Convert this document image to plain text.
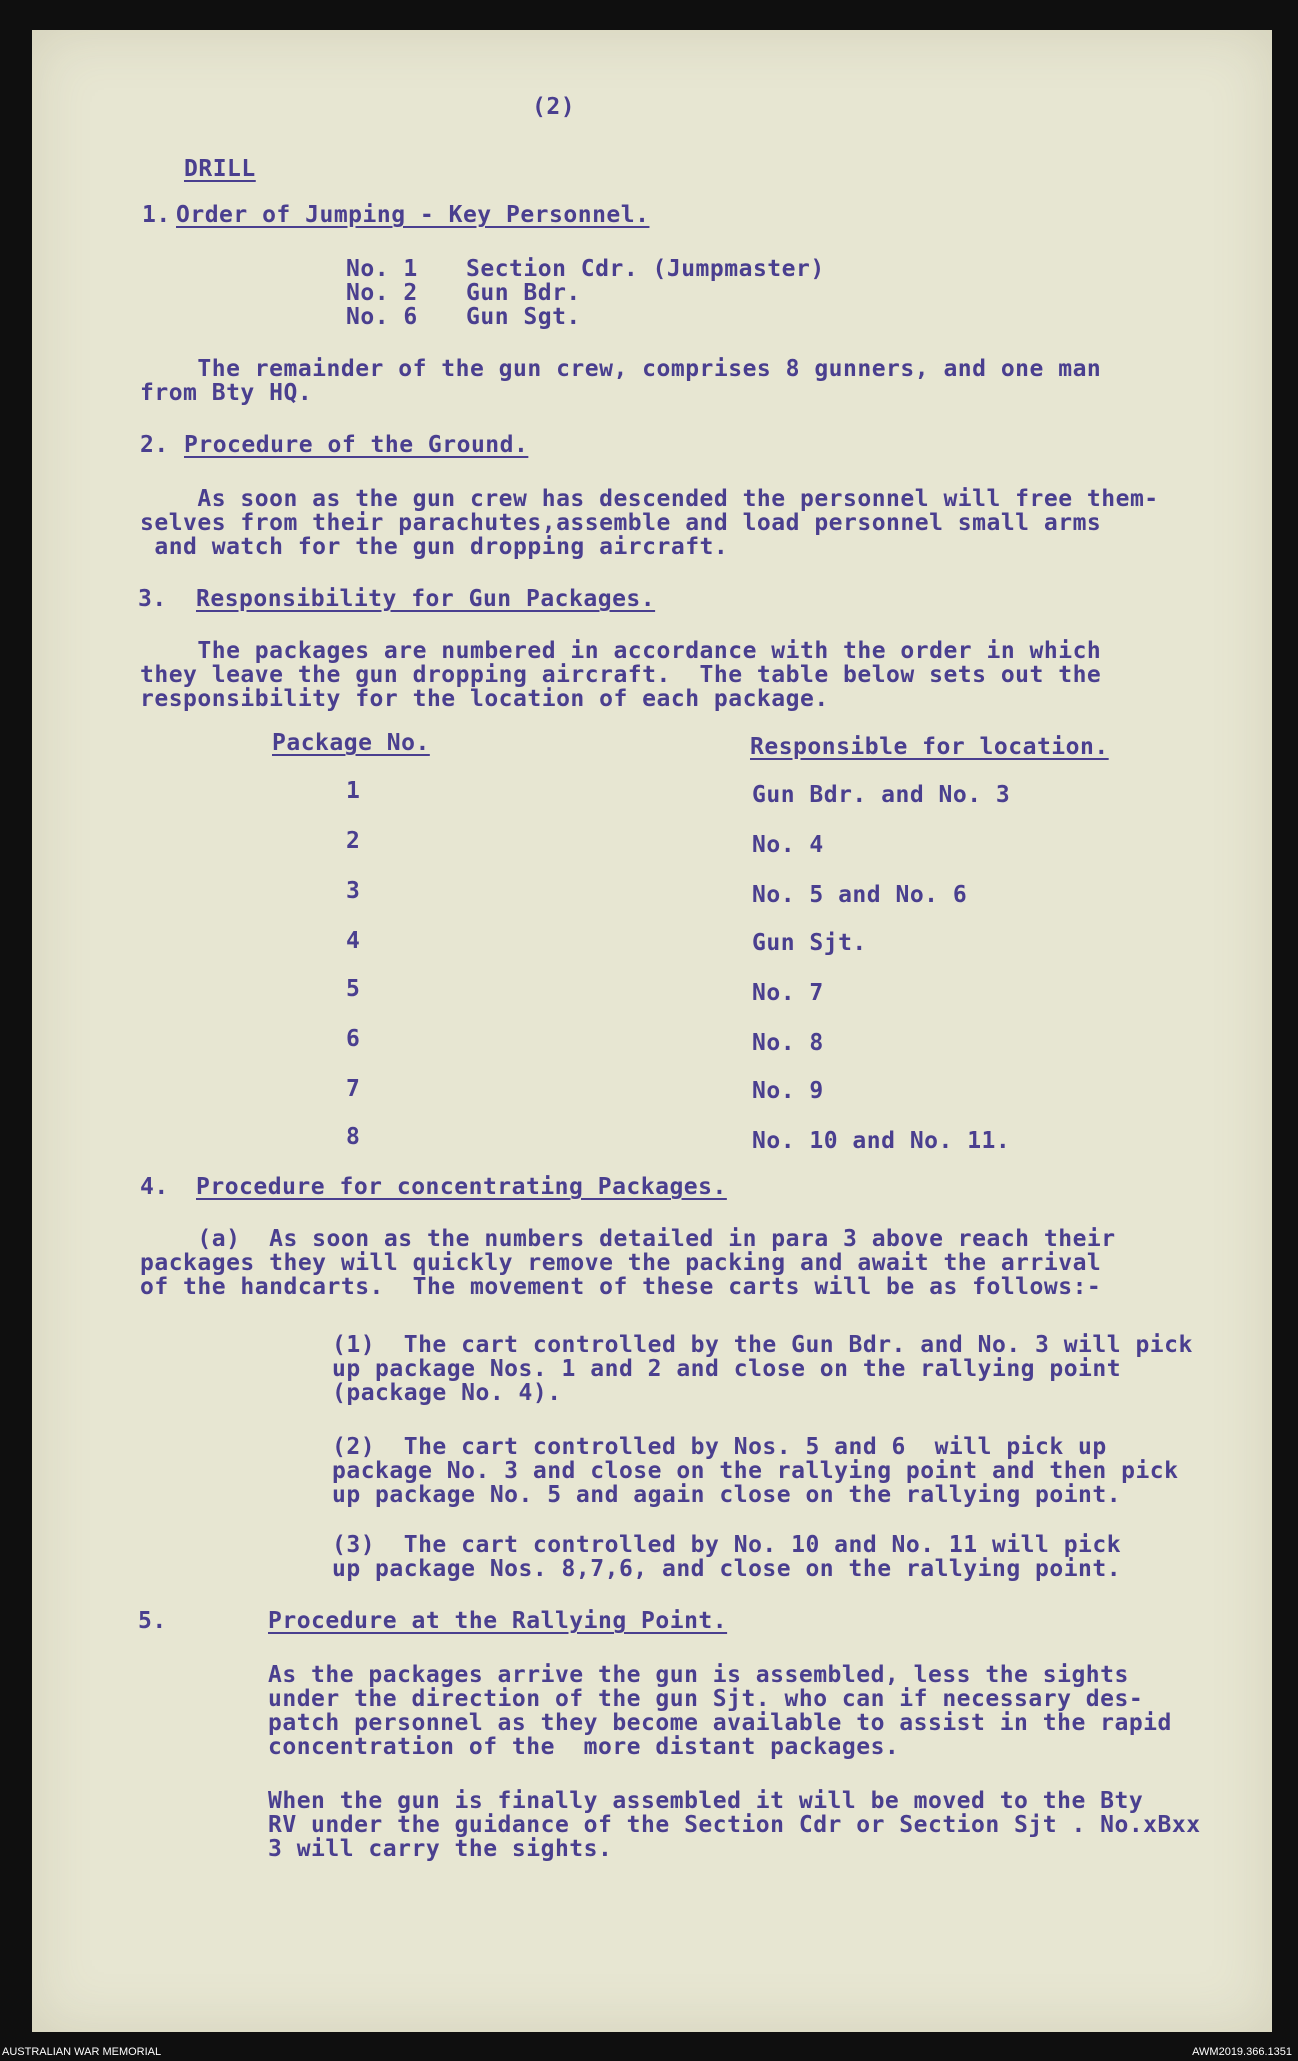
(2)
DRILL
1. Order of Jumping - Key Personnel.
No. 1 Section Cdr. (Jumpmaster)
No. 2 Gun Bdr.
No. 6 Gun Sgt.
The remainder of the gun crew, comprises 8 gunners, and one man
from Bty HQ.
2. Procedure of the Ground.
As soon as the gun crew has descended the personnel will free them-
selves from their parachutes,assemble and load personnel small arms
and watch for the gun dropping aircraft.
3. Responsibility for Gun Packages.
The packages are numbered in accordance with the order in which
they leave the gun dropping aircraft.  The table below sets out the
responsibility for the location of each package.
Package No.	Responsible for location.
1	Gun Bdr. and No. 3
2	No. 4
3	No. 5 and No. 6
4	Gun Sjt.
5	No. 7
6	No. 8
7	No. 9
8	No. 10 and No. 11.
4. Procedure for concentrating Packages.
(a)  As soon as the numbers detailed in para 3 above reach their
packages they will quickly remove the packing and await the arrival
of the handcarts.  The movement of these carts will be as follows:-
(1)  The cart controlled by the Gun Bdr. and No. 3 will pick
up package Nos. 1 and 2 and close on the rallying point
(package No. 4).
(2)  The cart controlled by Nos. 5 and 6  will pick up
package No. 3 and close on the rallying point and then pick
up package No. 5 and again close on the rallying point.
(3)  The cart controlled by No. 10 and No. 11 will pick
up package Nos. 8,7,6, and close on the rallying point.
5.	Procedure at the Rallying Point.
As the packages arrive the gun is assembled, less the sights
under the direction of the gun Sjt. who can if necessary des-
patch personnel as they become available to assist in the rapid
concentration of the  more distant packages.
When the gun is finally assembled it will be moved to the Bty
RV under the guidance of the Section Cdr or Section Sjt . No.xBxx
3 will carry the sights.
AUSTRALIAN WAR MEMORIAL	AWM2019.366.1351
